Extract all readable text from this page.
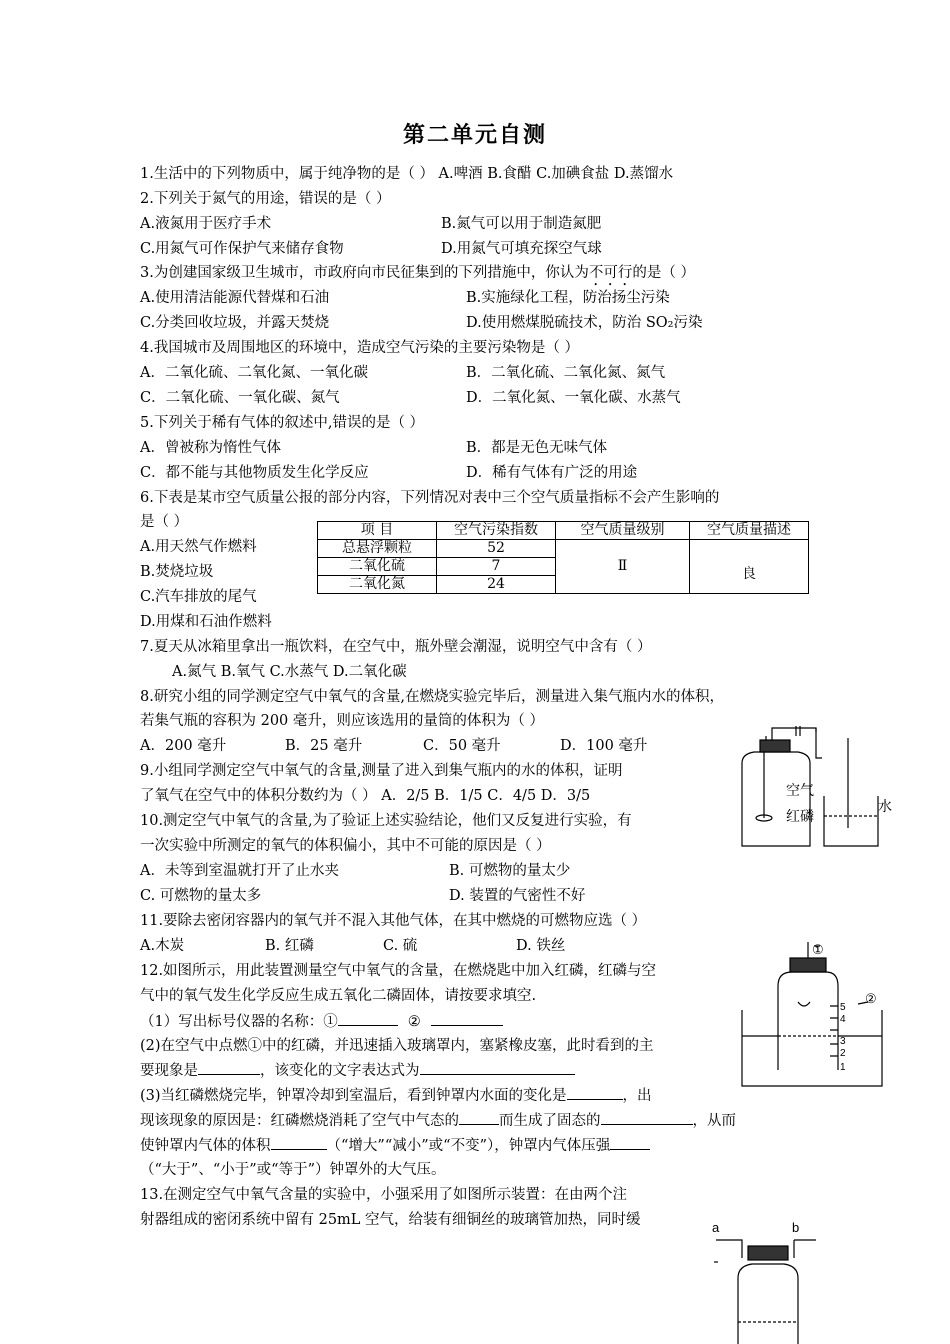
第二单元自测
1.生活中的下列物质中，属于纯净物的是（ ） A.啤酒 B.食醋 C.加碘食盐 D.蒸馏水
2.下列关于氮气的用途，错误的是（ ）
A.液氮用于医疗手术	B.氮气可以用于制造氮肥
C.用氮气可作保护气来储存食物	D.用氮气可填充探空气球
3.为创建国家级卫生城市，市政府向市民征集到的下列措施中，你认为不可行的是（ ）
A.使用清洁能源代替煤和石油	B.实施绿化工程，防治扬尘污染
C.分类回收垃圾，并露天焚烧	D.使用燃煤脱硫技术，防治 SO₂污染
4.我国城市及周围地区的环境中，造成空气污染的主要污染物是（ ）
A．二氧化硫、二氧化氮、一氧化碳	B．二氧化硫、二氧化氮、氮气
C．二氧化硫、一氧化碳、氮气	D．二氧化氮、一氧化碳、水蒸气
5.下列关于稀有气体的叙述中,错误的是（ ）
A．曾被称为惰性气体	B．都是无色无味气体
C．都不能与其他物质发生化学反应	D．稀有气体有广泛的用途
6.下表是某市空气质量公报的部分内容，下列情况对表中三个空气质量指标不会产生影响的
是（ ）
A.用天然气作燃料
B.焚烧垃圾
C.汽车排放的尾气
D.用煤和石油作燃料
项 目	空气污染指数	空气质量级别	空气质量描述
总悬浮颗粒	52	Ⅱ	良
二氧化硫	7		
二氧化氮	24		
7.夏天从冰箱里拿出一瓶饮料，在空气中，瓶外壁会潮湿，说明空气中含有（ ）
A.氮气 B.氧气 C.水蒸气 D.二氧化碳
8.研究小组的同学测定空气中氧气的含量,在燃烧实验完毕后，测量进入集气瓶内水的体积，
若集气瓶的容积为 200 毫升，则应该选用的量筒的体积为（ ）
A．200 毫升	B．25 毫升	C．50 毫升	D．100 毫升
9.小组同学测定空气中氧气的含量,测量了进入到集气瓶内的水的体积，证明
了氧气在空气中的体积分数约为（ ） A．2/5 B．1/5 C．4/5 D．3/5
10.测定空气中氧气的含量,为了验证上述实验结论，他们又反复进行实验，有
一次实验中所测定的氧气的体积偏小，其中不可能的原因是（ ）
A．未等到室温就打开了止水夹	B. 可燃物的量太少
C. 可燃物的量太多	D. 装置的气密性不好
11.要除去密闭容器内的氧气并不混入其他气体，在其中燃烧的可燃物应选（ ）
A.木炭	B. 红磷	C. 硫	D. 铁丝
12.如图所示，用此装置测量空气中氧气的含量，在燃烧匙中加入红磷，红磷与空
气中的氧气发生化学反应生成五氧化二磷固体，请按要求填空.
（1）写出标号仪器的名称：①	②
(2)在空气中点燃①中的红磷，并迅速插入玻璃罩内，塞紧橡皮塞，此时看到的主
要现象是	，该变化的文字表达式为
(3)当红磷燃烧完毕，钟罩冷却到室温后，看到钟罩内水面的变化是	，出
现该现象的原因是：红磷燃烧消耗了空气中气态的	而生成了固态的	，从而
使钟罩内气体的体积	（“增大”“减小”或“不变”），钟罩内气体压强
（“大于”、“小于”或“等于”）钟罩外的大气压。
13.在测定空气中氧气含量的实验中，小强采用了如图所示装置：在由两个注
射器组成的密闭系统中留有 25mL 空气，给装有细铜丝的玻璃管加热，同时缓
空气
红磷
水
①
②
5
4
3
2
1
a	b
